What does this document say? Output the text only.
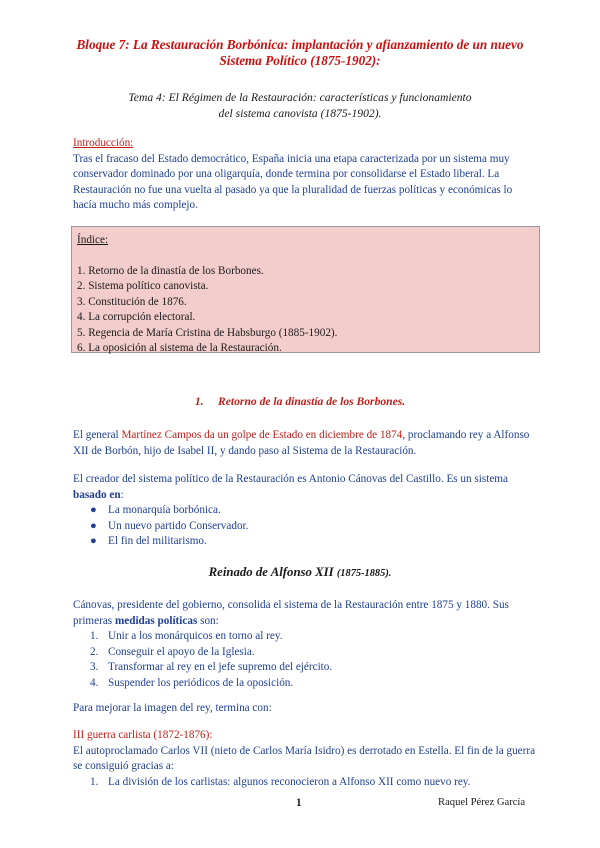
Bloque 7: La Restauración Borbónica: implantación y afianzamiento de un nuevo Sistema Político (1875-1902):
Tema 4: El Régimen de la Restauración: características y funcionamiento
del sistema canovista (1875-1902).
Introducción:
Tras el fracaso del Estado democrático, España inicia una etapa caracterizada por un sistema muy conservador dominado por una oligarquía, donde termina por consolidarse el Estado liberal. La Restauración no fue una vuelta al pasado ya que la pluralidad de fuerzas políticas y económicas lo hacía mucho más complejo.
Índice:
1. Retorno de la dinastía de los Borbones.
2. Sistema político canovista.
3. Constitución de 1876.
4. La corrupción electoral.
5. Regencia de María Cristina de Habsburgo (1885-1902).
6. La oposición al sistema de la Restauración.
1. Retorno de la dinastía de los Borbones.
El general Martínez Campos da un golpe de Estado en diciembre de 1874, proclamando rey a Alfonso XII de Borbón, hijo de Isabel II, y dando paso al Sistema de la Restauración.
El creador del sistema político de la Restauración es Antonio Cánovas del Castillo. Es un sistema basado en:
● La monarquía borbónica.
● Un nuevo partido Conservador.
● El fin del militarismo.
Reinado de Alfonso XII (1875-1885).
Cánovas, presidente del gobierno, consolida el sistema de la Restauración entre 1875 y 1880. Sus primeras medidas políticas son:
1. Unir a los monárquicos en torno al rey.
2. Conseguir el apoyo de la Iglesia.
3. Transformar al rey en el jefe supremo del ejército.
4. Suspender los periódicos de la oposición.
Para mejorar la imagen del rey, termina con:
III guerra carlista (1872-1876):
El autoproclamado Carlos VII (nieto de Carlos María Isidro) es derrotado en Estella. El fin de la guerra se consiguió gracias a:
1. La división de los carlistas: algunos reconocieron a Alfonso XII como nuevo rey.
1	Raquel Pérez García
